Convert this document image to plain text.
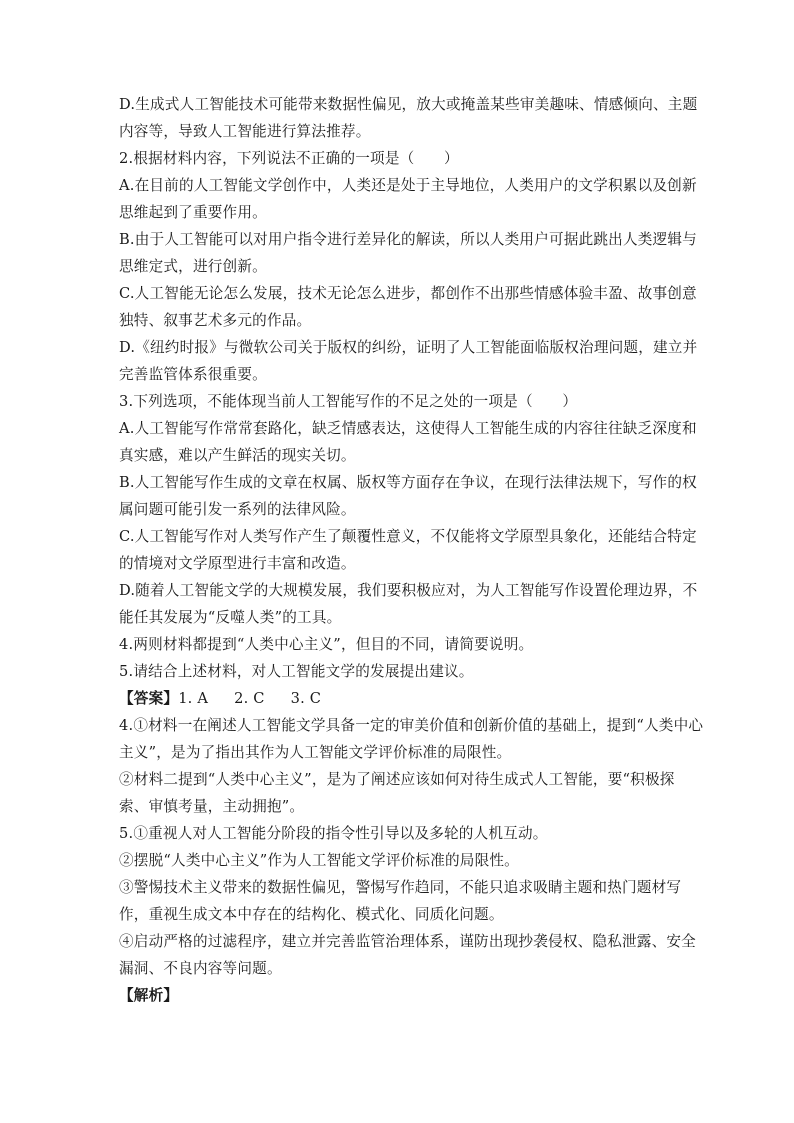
D.生成式人工智能技术可能带来数据性偏见，放大或掩盖某些审美趣味、情感倾向、主题
内容等，导致人工智能进行算法推荐。
2.根据材料内容，下列说法不正确的一项是（　　）
A.在目前的人工智能文学创作中，人类还是处于主导地位，人类用户的文学积累以及创新
思维起到了重要作用。
B.由于人工智能可以对用户指令进行差异化的解读，所以人类用户可据此跳出人类逻辑与
思维定式，进行创新。
C.人工智能无论怎么发展，技术无论怎么进步，都创作不出那些情感体验丰盈、故事创意
独特、叙事艺术多元的作品。
D.《纽约时报》与微软公司关于版权的纠纷，证明了人工智能面临版权治理问题，建立并
完善监管体系很重要。
3.下列选项，不能体现当前人工智能写作的不足之处的一项是（　　）
A.人工智能写作常常套路化，缺乏情感表达，这使得人工智能生成的内容往往缺乏深度和
真实感，难以产生鲜活的现实关切。
B.人工智能写作生成的文章在权属、版权等方面存在争议，在现行法律法规下，写作的权
属问题可能引发一系列的法律风险。
C.人工智能写作对人类写作产生了颠覆性意义，不仅能将文学原型具象化，还能结合特定
的情境对文学原型进行丰富和改造。
D.随着人工智能文学的大规模发展，我们要积极应对，为人工智能写作设置伦理边界，不
能任其发展为“反噬人类”的工具。
4.两则材料都提到“人类中心主义”，但目的不同，请简要说明。
5.请结合上述材料，对人工智能文学的发展提出建议。
【答案】1. A 2. C 3. C
4.①材料一在阐述人工智能文学具备一定的审美价值和创新价值的基础上，提到“人类中心
主义”，是为了指出其作为人工智能文学评价标准的局限性。
②材料二提到“人类中心主义”，是为了阐述应该如何对待生成式人工智能，要“积极探
索、审慎考量，主动拥抱”。
5.①重视人对人工智能分阶段的指令性引导以及多轮的人机互动。
②摆脱“人类中心主义”作为人工智能文学评价标准的局限性。
③警惕技术主义带来的数据性偏见，警惕写作趋同，不能只追求吸睛主题和热门题材写
作，重视生成文本中存在的结构化、模式化、同质化问题。
④启动严格的过滤程序，建立并完善监管治理体系，谨防出现抄袭侵权、隐私泄露、安全
漏洞、不良内容等问题。
【解析】
